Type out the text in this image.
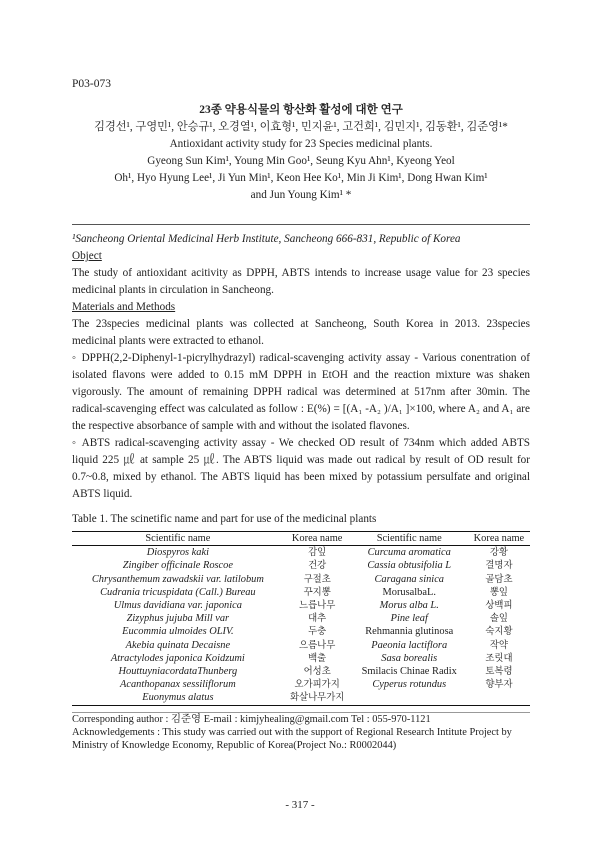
P03-073
23종 약용식물의 항산화 활성에 대한 연구
김경선¹, 구영민¹, 안승규¹, 오경열¹, 이효형¹, 민지윤¹, 고건희¹, 김민지¹, 김동환¹, 김준영¹*
Antioxidant activity study for 23 Species medicinal plants.
Gyeong Sun Kim¹, Young Min Goo¹, Seung Kyu Ahn¹, Kyeong Yeol
Oh¹, Hyo Hyung Lee¹, Ji Yun Min¹, Keon Hee Ko¹, Min Ji Kim¹, Dong Hwan Kim¹
and Jun Young Kim¹ *
¹Sancheong Oriental Medicinal Herb Institute, Sancheong 666-831, Republic of Korea
Object

The study of antioxidant acitivity as DPPH, ABTS intends to increase usage value for 23 species medicinal plants in circulation in Sancheong.

Materials and Methods

The 23species medicinal plants was collected at Sancheong, South Korea in 2013. 23species medicinal plants were extracted to ethanol.

◦ DPPH(2,2-Diphenyl-1-picrylhydrazyl) radical-scavenging activity assay - Various conentration of isolated flavons were added to 0.15 mM DPPH in EtOH and the reaction mixture was shaken vigorously. The amount of remaining DPPH radical was determined at 517nm after 30min. The radical-scavenging effect was calculated as follow : E(%) = [(A₁ -A₂ )/A₁ ]×100, where A₂ and A₁ are the respective absorbance of sample with and without the isolated flavones.

◦ ABTS radical-scavenging activity assay - We checked OD result of 734nm which added ABTS liquid 225 ㎕ at sample 25 ㎕. The ABTS liquid was made out radical by result of OD result for 0.7~0.8, mixed by ethanol. The ABTS liquid has been mixed by potassium persulfate and original ABTS liquid.

Table 1. The scinetific name and part for use of the medicinal plants
Scientific name	Korea name	Scientific name	Korea name
Diospyros kaki	감잎	Curcuma aromatica	강황
Zingiber officinale Roscoe	건강	Cassia obtusifolia L	결명자
Chrysanthemum zawadskii var. latilobum	구절초	Caragana sinica	골담초
Cudrania tricuspidata (Call.) Bureau	꾸지뽕	MorusalbaL.	뽕잎
Ulmus davidiana var. japonica	느릅나무	Morus alba L.	상백피
Zizyphus jujuba Mill var	대추	Pine leaf	솔잎
Eucommia ulmoides OLIV.	두충	Rehmannia glutinosa	숙지황
Akebia quinata Decaisne	으름나무	Paeonia lactiflora	작약
Atractylodes japonica Koidzumi	백출	Sasa borealis	조릿대
HouttuyniacordataThunberg	어성초	Smilacis Chinae Radix	토복령
Acanthopanax sessiliflorum	오가피가지	Cyperus rotundus	향부자
Euonymus alatus	화살나무가지		
Corresponding author : 김준영 E-mail : kimjyhealing@gmail.com Tel : 055-970-1121
Acknowledgements : This study was carried out with the support of Regional Research Intitute Project by Ministry of Knowledge Economy, Republic of Korea(Project No.: R0002044)
- 317 -
